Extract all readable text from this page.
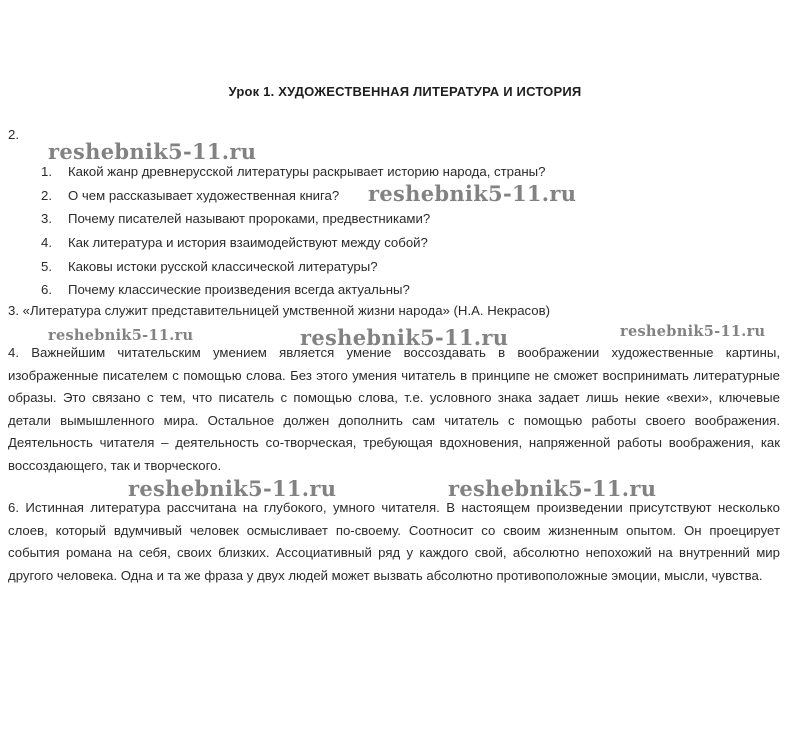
Урок 1. ХУДОЖЕСТВЕННАЯ ЛИТЕРАТУРА И ИСТОРИЯ
2.
1. Какой жанр древнерусской литературы раскрывает историю народа, страны?
2. О чем рассказывает художественная книга?
3. Почему писателей называют пророками, предвестниками?
4. Как литература и история взаимодействуют между собой?
5. Каковы истоки русской классической литературы?
6. Почему классические произведения всегда актуальны?
3. «Литература служит представительницей умственной жизни народа» (Н.А. Некрасов)

4. Важнейшим читательским умением является умение воссоздавать в воображении художественные картины, изображенные писателем с помощью слова. Без этого умения читатель в принципе не сможет воспринимать литературные образы. Это связано с тем, что писатель с помощью слова, т.е. условного знака задает лишь некие «вехи», ключевые детали вымышленного мира. Остальное должен дополнить сам читатель с помощью работы своего воображения. Деятельность читателя – деятельность со-творческая, требующая вдохновения, напряженной работы воображения, как воссоздающего, так и творческого.

6. Истинная литература рассчитана на глубокого, умного читателя. В настоящем произведении присутствуют несколько слоев, который вдумчивый человек осмысливает по-своему. Соотносит со своим жизненным опытом. Он проецирует события романа на себя, своих близких. Ассоциативный ряд у каждого свой, абсолютно непохожий на внутренний мир другого человека. Одна и та же фраза у двух людей может вызвать абсолютно противоположные эмоции, мысли, чувства.

reshebnik5-11.ru
reshebnik5-11.ru
reshebnik5-11.ru	reshebnik5-11.ru	reshebnik5-11.ru
reshebnik5-11.ru	reshebnik5-11.ru
